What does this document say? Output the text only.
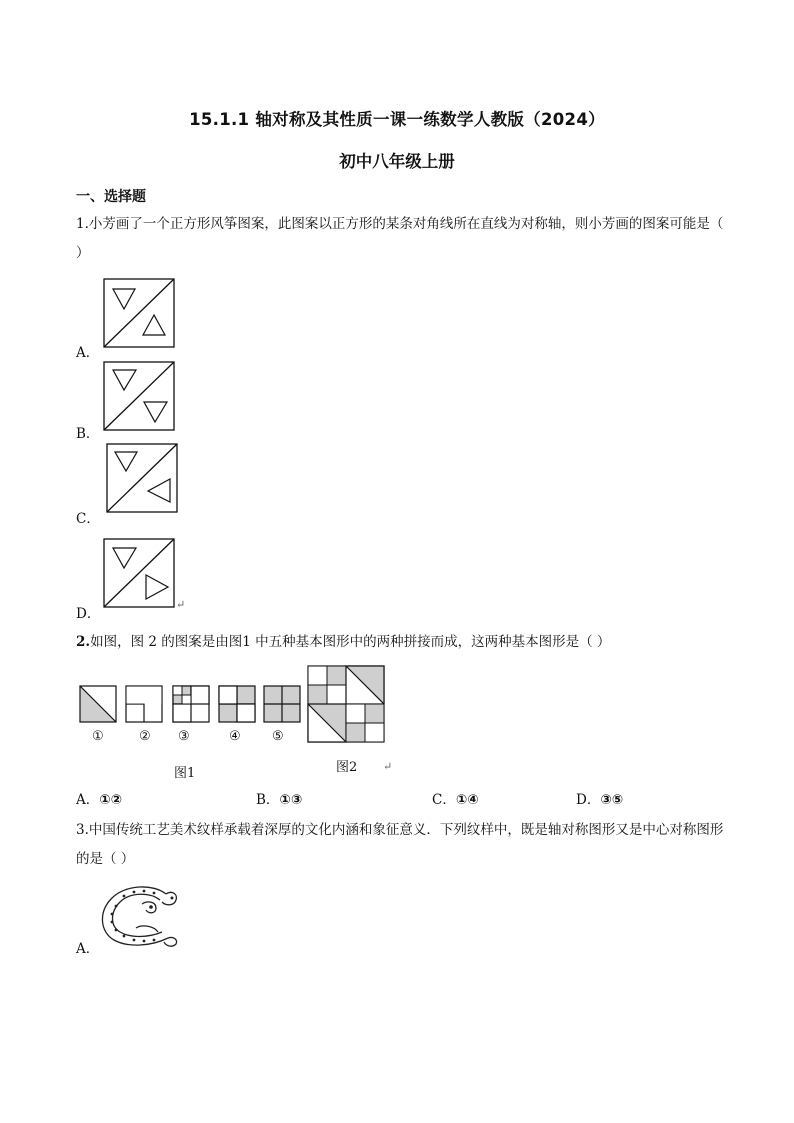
15.1.1 轴对称及其性质一课一练数学人教版（2024）
初中八年级上册
一、选择题
1.小芳画了一个正方形风筝图案，此图案以正方形的某条对角线所在直线为对称轴，则小芳画的图案可能是（ ）
A．
B．
C．
D．
↵
2.如图，图 2 的图案是由图1 中五种基本图形中的两种拼接而成，这两种基本图形是（ ）
①	② ③	④ ⑤
图1	图2 ↵
A．①②	B．①③	C．①④	D．③⑤
3.中国传统工艺美术纹样承载着深厚的文化内涵和象征意义．下列纹样中，既是轴对称图形又是中心对称图形的是（ ）
A．
